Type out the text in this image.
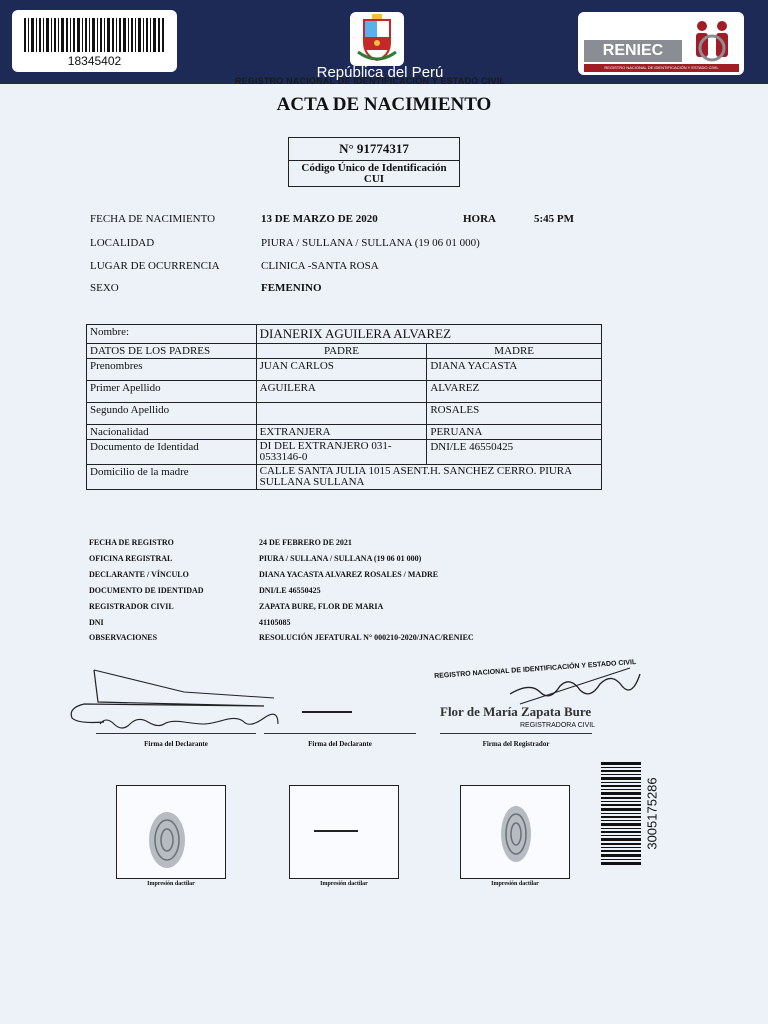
18345402
República del Perú
RENIEC
REGISTRO NACIONAL DE IDENTIFICACIÓN Y ESTADO CIVIL
REGISTRO NACIONAL DE IDENTIFICACIÓN Y ESTADO CIVIL
ACTA DE NACIMIENTO
N° 91774317
Código Único de Identificación
CUI
FECHA DE NACIMIENTO	13 DE MARZO DE 2020	HORA	5:45 PM
LOCALIDAD	PIURA / SULLANA / SULLANA (19 06 01 000)
LUGAR DE OCURRENCIA	CLINICA -SANTA ROSA
SEXO	FEMENINO
Nombre:	DIANERIX AGUILERA ALVAREZ	
DATOS DE LOS PADRES	PADRE	MADRE
Prenombres	JUAN CARLOS	DIANA YACASTA
Primer Apellido	AGUILERA	ALVAREZ
Segundo Apellido		ROSALES
Nacionalidad	EXTRANJERA	PERUANA
Documento de Identidad	DI DEL EXTRANJERO 031-0533146-0	DNI/LE 46550425
Domicilio de la madre	CALLE SANTA JULIA 1015 ASENT.H. SANCHEZ CERRO. PIURA SULLANA SULLANA	
FECHA DE REGISTRO	24 DE FEBRERO DE 2021
OFICINA REGISTRAL	PIURA / SULLANA / SULLANA (19 06 01 000)
DECLARANTE / VÍNCULO	DIANA YACASTA ALVAREZ ROSALES / MADRE
DOCUMENTO DE IDENTIDAD	DNI/LE 46550425
REGISTRADOR CIVIL	ZAPATA BURE, FLOR DE MARIA
DNI	41105085
OBSERVACIONES	RESOLUCIÓN JEFATURAL N° 000210-2020/JNAC/RENIEC
Firma del Declarante	Firma del Declarante
REGISTRO NACIONAL DE IDENTIFICACIÓN Y ESTADO CIVIL
Flor de María Zapata Bure
REGISTRADORA CIVIL
Firma del Registrador
Impresión dactilar	Impresión dactilar	Impresión dactilar
3005175286
